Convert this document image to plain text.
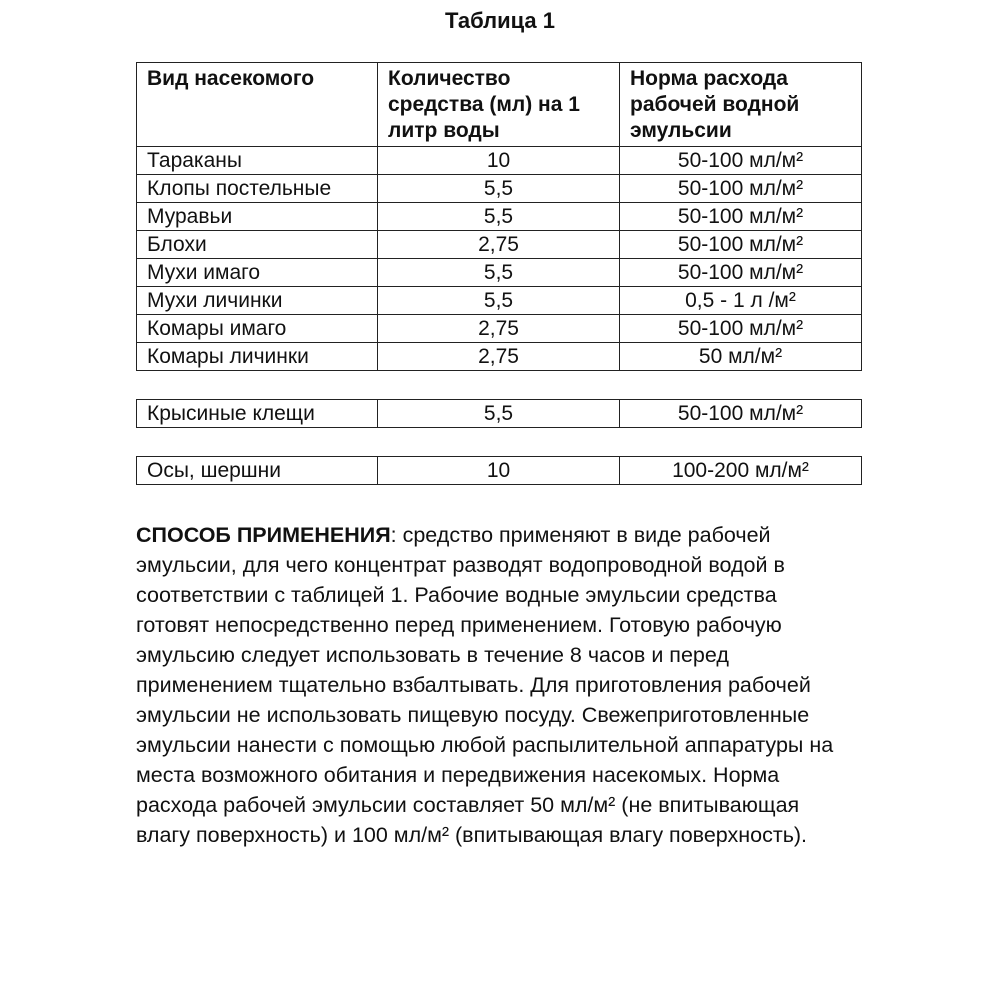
Таблица 1
Вид насекомого	Количество средства (мл) на 1 литр воды	Норма расхода рабочей водной эмульсии
Тараканы	10	50-100 мл/м²
Клопы постельные	5,5	50-100 мл/м²
Муравьи	5,5	50-100 мл/м²
Блохи	2,75	50-100 мл/м²
Мухи имаго	5,5	50-100 мл/м²
Мухи личинки	5,5	0,5 - 1 л /м²
Комары имаго	2,75	50-100 мл/м²
Комары личинки	2,75	50 мл/м²
Крысиные клещи	5,5	50-100 мл/м²
Осы, шершни	10	100-200 мл/м²
СПОСОБ ПРИМЕНЕНИЯ: средство применяют в виде рабочей
эмульсии, для чего концентрат разводят водопроводной водой в
соответствии с таблицей 1. Рабочие водные эмульсии средства
готовят непосредственно перед применением. Готовую рабочую
эмульсию следует использовать в течение 8 часов и перед
применением тщательно взбалтывать. Для приготовления рабочей
эмульсии не использовать пищевую посуду. Свежеприготовленные
эмульсии нанести с помощью любой распылительной аппаратуры на
места возможного обитания и передвижения насекомых. Норма
расхода рабочей эмульсии составляет 50 мл/м² (не впитывающая
влагу поверхность) и 100 мл/м² (впитывающая влагу поверхность).
